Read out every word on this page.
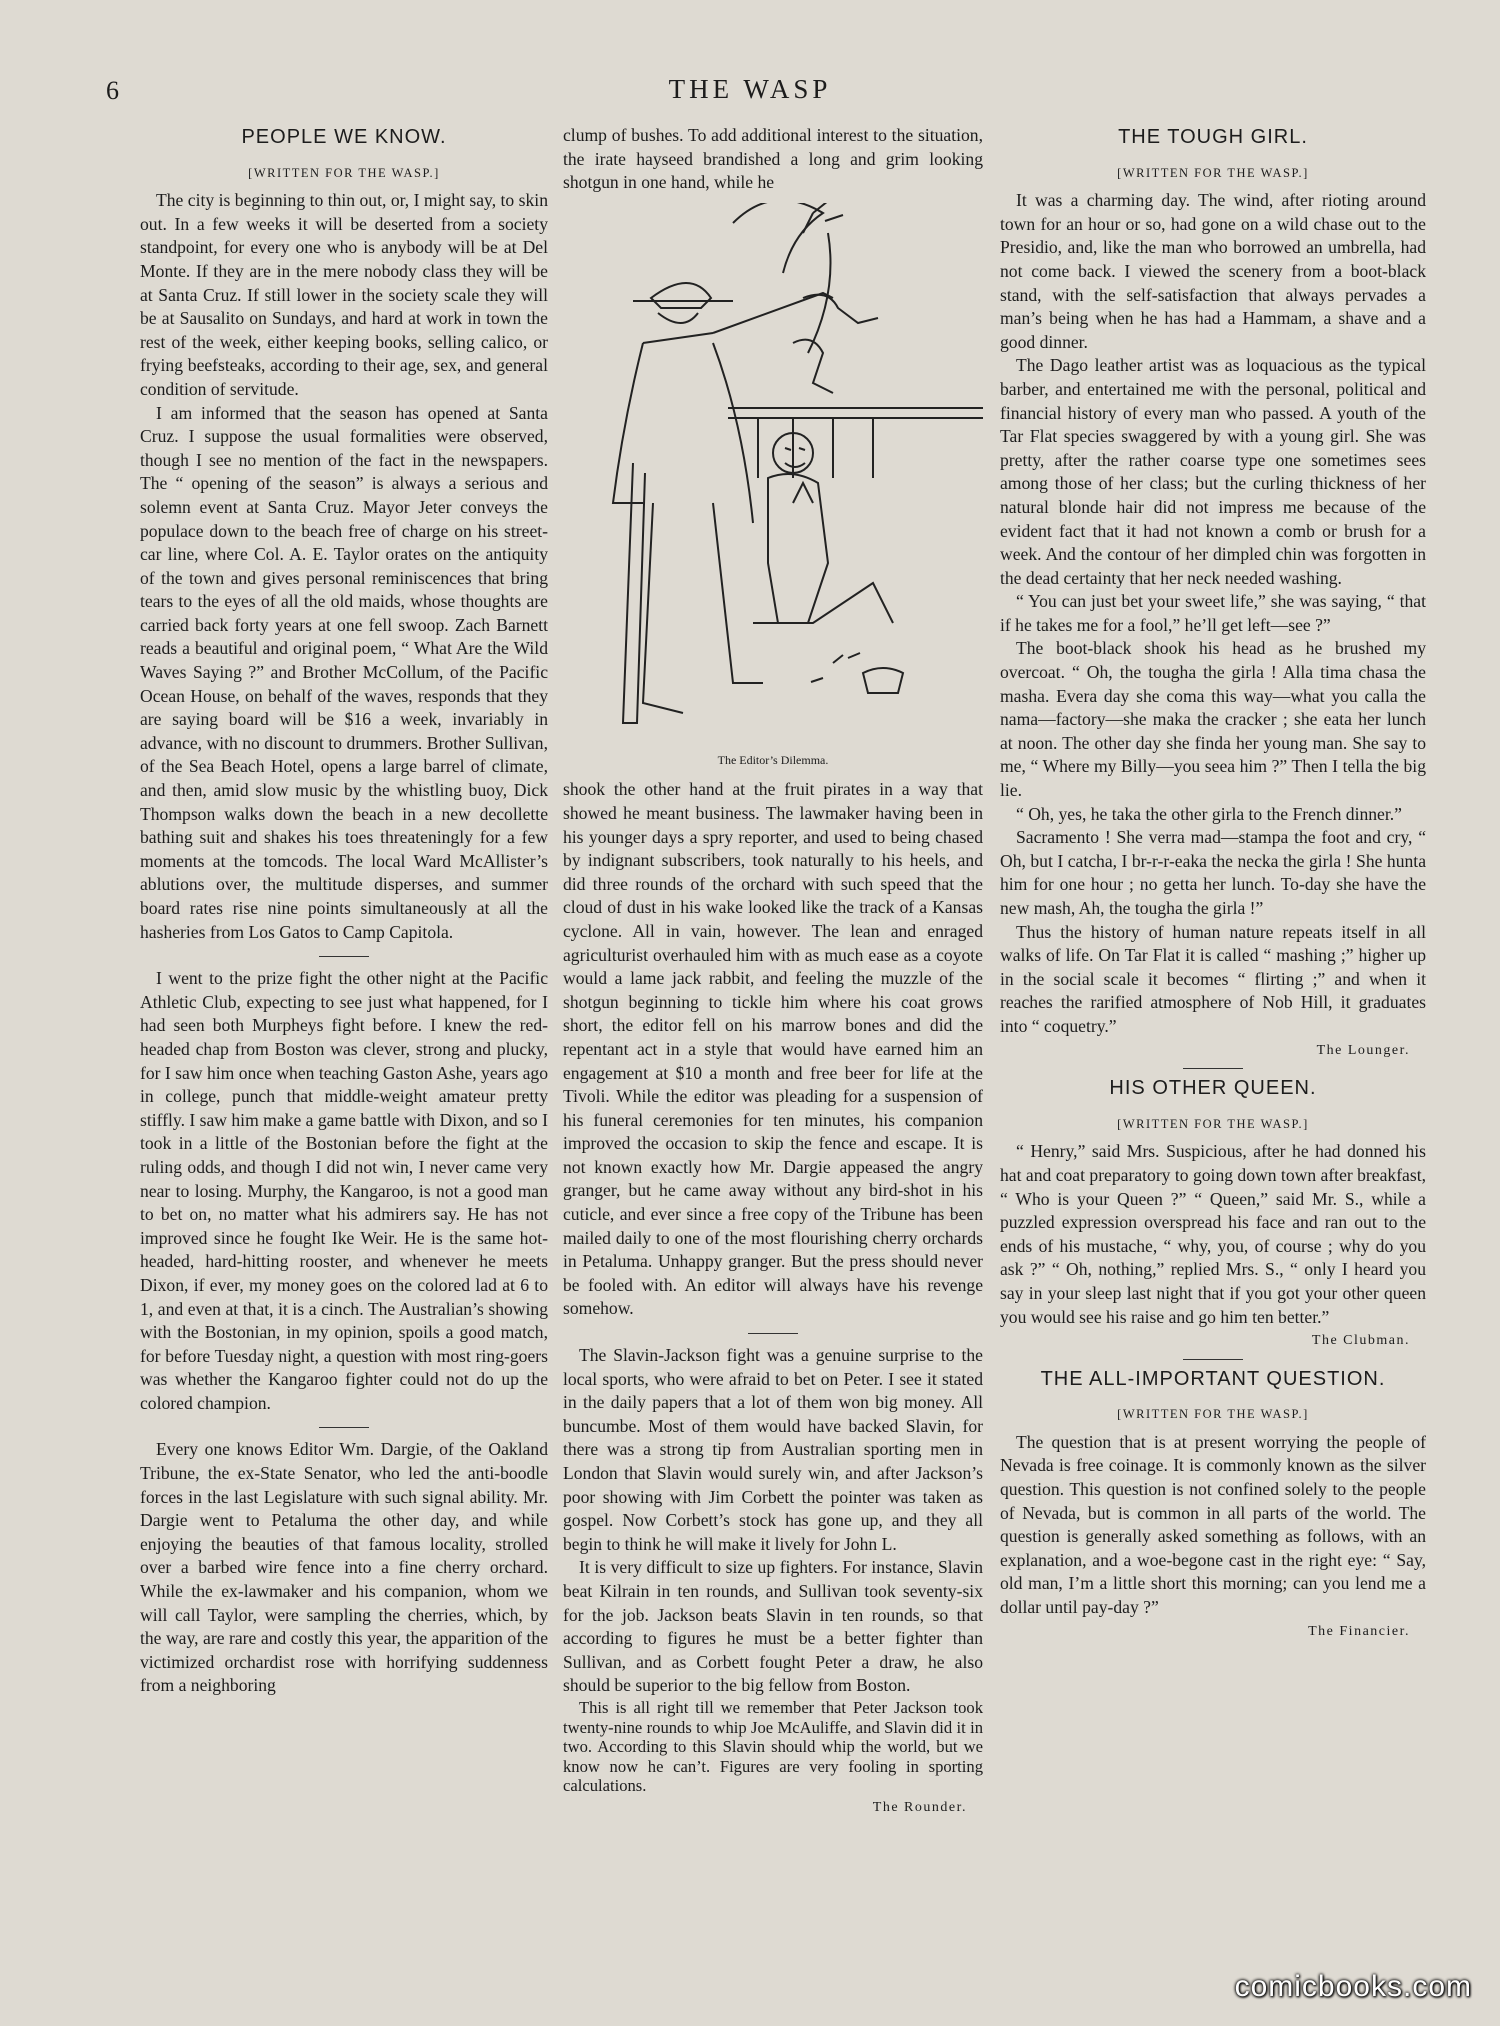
6	THE WASP
PEOPLE WE KNOW.
[WRITTEN FOR THE WASP.]

The city is beginning to thin out, or, I might say, to skin out. In a few weeks it will be deserted from a society standpoint, for every one who is anybody will be at Del Monte. If they are in the mere nobody class they will be at Santa Cruz. If still lower in the society scale they will be at Sausalito on Sundays, and hard at work in town the rest of the week, either keeping books, selling calico, or frying beefsteaks, according to their age, sex, and general condition of servitude.

I am informed that the season has opened at Santa Cruz. I suppose the usual formalities were observed, though I see no mention of the fact in the newspapers. The “ opening of the season” is always a serious and solemn event at Santa Cruz. Mayor Jeter conveys the populace down to the beach free of charge on his street-car line, where Col. A. E. Taylor orates on the antiquity of the town and gives personal reminiscences that bring tears to the eyes of all the old maids, whose thoughts are carried back forty years at one fell swoop. Zach Barnett reads a beautiful and original poem, “ What Are the Wild Waves Saying ?” and Brother McCollum, of the Pacific Ocean House, on behalf of the waves, responds that they are saying board will be $16 a week, invariably in advance, with no discount to drummers. Brother Sullivan, of the Sea Beach Hotel, opens a large barrel of climate, and then, amid slow music by the whistling buoy, Dick Thompson walks down the beach in a new decollette bathing suit and shakes his toes threateningly for a few moments at the tomcods. The local Ward McAllister’s ablutions over, the multitude disperses, and summer board rates rise nine points simultaneously at all the hasheries from Los Gatos to Camp Capitola.

I went to the prize fight the other night at the Pacific Athletic Club, expecting to see just what happened, for I had seen both Murpheys fight before. I knew the red-headed chap from Boston was clever, strong and plucky, for I saw him once when teaching Gaston Ashe, years ago in college, punch that middle-weight amateur pretty stiffly. I saw him make a game battle with Dixon, and so I took in a little of the Bostonian before the fight at the ruling odds, and though I did not win, I never came very near to losing. Murphy, the Kangaroo, is not a good man to bet on, no matter what his admirers say. He has not improved since he fought Ike Weir. He is the same hot-headed, hard-hitting rooster, and whenever he meets Dixon, if ever, my money goes on the colored lad at 6 to 1, and even at that, it is a cinch. The Australian’s showing with the Bostonian, in my opinion, spoils a good match, for before Tuesday night, a question with most ring-goers was whether the Kangaroo fighter could not do up the colored champion.

Every one knows Editor Wm. Dargie, of the Oakland Tribune, the ex-State Senator, who led the anti-boodle forces in the last Legislature with such signal ability. Mr. Dargie went to Petaluma the other day, and while enjoying the beauties of that famous locality, strolled over a barbed wire fence into a fine cherry orchard. While the ex-lawmaker and his companion, whom we will call Taylor, were sampling the cherries, which, by the way, are rare and costly this year, the apparition of the victimized orchardist rose with horrifying suddenness from a neighboring

clump of bushes. To add additional interest to the situation, the irate hayseed brandished a long and grim looking shotgun in one hand, while he

The Editor’s Dilemma.

shook the other hand at the fruit pirates in a way that showed he meant business. The lawmaker having been in his younger days a spry reporter, and used to being chased by indignant subscribers, took naturally to his heels, and did three rounds of the orchard with such speed that the cloud of dust in his wake looked like the track of a Kansas cyclone. All in vain, however. The lean and enraged agriculturist overhauled him with as much ease as a coyote would a lame jack rabbit, and feeling the muzzle of the shotgun beginning to tickle him where his coat grows short, the editor fell on his marrow bones and did the repentant act in a style that would have earned him an engagement at $10 a month and free beer for life at the Tivoli. While the editor was pleading for a suspension of his funeral ceremonies for ten minutes, his companion improved the occasion to skip the fence and escape. It is not known exactly how Mr. Dargie appeased the angry granger, but he came away without any bird-shot in his cuticle, and ever since a free copy of the Tribune has been mailed daily to one of the most flourishing cherry orchards in Petaluma. Unhappy granger. But the press should never be fooled with. An editor will always have his revenge somehow.

The Slavin-Jackson fight was a genuine surprise to the local sports, who were afraid to bet on Peter. I see it stated in the daily papers that a lot of them won big money. All buncumbe. Most of them would have backed Slavin, for there was a strong tip from Australian sporting men in London that Slavin would surely win, and after Jackson’s poor showing with Jim Corbett the pointer was taken as gospel. Now Corbett’s stock has gone up, and they all begin to think he will make it lively for John L.

It is very difficult to size up fighters. For instance, Slavin beat Kilrain in ten rounds, and Sullivan took seventy-six for the job. Jackson beats Slavin in ten rounds, so that according to figures he must be a better fighter than Sullivan, and as Corbett fought Peter a draw, he also should be superior to the big fellow from Boston.

This is all right till we remember that Peter Jackson took twenty-nine rounds to whip Joe McAuliffe, and Slavin did it in two. According to this Slavin should whip the world, but we know now he can’t. Figures are very fooling in sporting calculations.

The Rounder.
THE TOUGH GIRL.
[WRITTEN FOR THE WASP.]

It was a charming day. The wind, after rioting around town for an hour or so, had gone on a wild chase out to the Presidio, and, like the man who borrowed an umbrella, had not come back. I viewed the scenery from a boot-black stand, with the self-satisfaction that always pervades a man’s being when he has had a Hammam, a shave and a good dinner.

The Dago leather artist was as loquacious as the typical barber, and entertained me with the personal, political and financial history of every man who passed. A youth of the Tar Flat species swaggered by with a young girl. She was pretty, after the rather coarse type one sometimes sees among those of her class; but the curling thickness of her natural blonde hair did not impress me because of the evident fact that it had not known a comb or brush for a week. And the contour of her dimpled chin was forgotten in the dead certainty that her neck needed washing.

“ You can just bet your sweet life,” she was saying, “ that if he takes me for a fool,” he’ll get left—see ?”

The boot-black shook his head as he brushed my overcoat. “ Oh, the tougha the girla ! Alla tima chasa the masha. Evera day she coma this way—what you calla the nama—factory—she maka the cracker ; she eata her lunch at noon. The other day she finda her young man. She say to me, “ Where my Billy—you seea him ?” Then I tella the big lie.

“ Oh, yes, he taka the other girla to the French dinner.”

Sacramento ! She verra mad—stampa the foot and cry, “ Oh, but I catcha, I br-r-r-eaka the necka the girla ! She hunta him for one hour ; no getta her lunch. To-day she have the new mash, Ah, the tougha the girla !”

Thus the history of human nature repeats itself in all walks of life. On Tar Flat it is called “ mashing ;” higher up in the social scale it becomes “ flirting ;” and when it reaches the rarified atmosphere of Nob Hill, it graduates into “ coquetry.”

The Lounger.
HIS OTHER QUEEN.
[WRITTEN FOR THE WASP.]

“ Henry,” said Mrs. Suspicious, after he had donned his hat and coat preparatory to going down town after breakfast, “ Who is your Queen ?” “ Queen,” said Mr. S., while a puzzled expression overspread his face and ran out to the ends of his mustache, “ why, you, of course ; why do you ask ?” “ Oh, nothing,” replied Mrs. S., “ only I heard you say in your sleep last night that if you got your other queen you would see his raise and go him ten better.”

The Clubman.
THE ALL-IMPORTANT QUESTION.
[WRITTEN FOR THE WASP.]

The question that is at present worrying the people of Nevada is free coinage. It is commonly known as the silver question. This question is not confined solely to the people of Nevada, but is common in all parts of the world. The question is generally asked something as follows, with an explanation, and a woe-begone cast in the right eye: “ Say, old man, I’m a little short this morning; can you lend me a dollar until pay-day ?”

The Financier.
comicbooks.com
